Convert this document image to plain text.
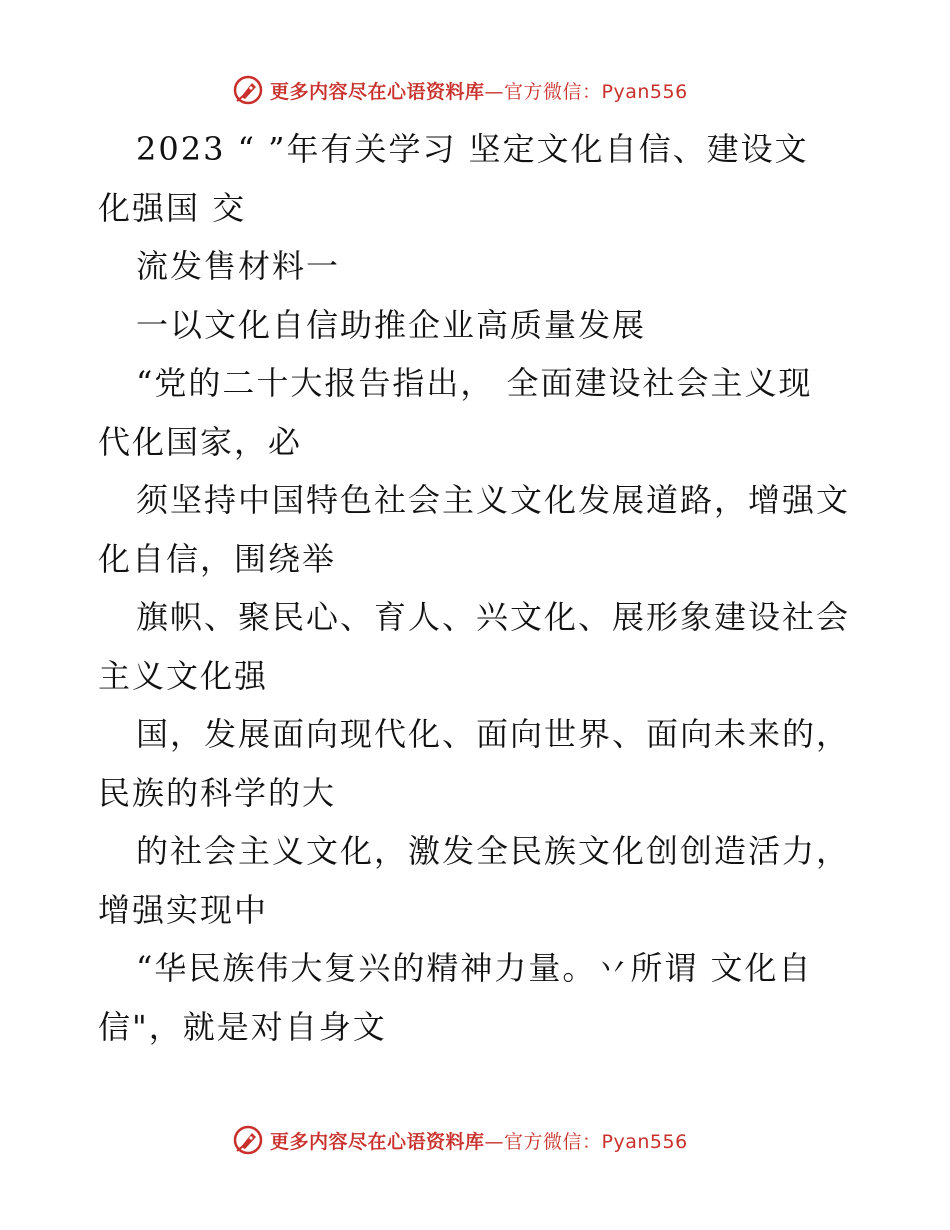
更多内容尽在心语资料库—官方微信：Pyan556
2023 “ ”年有关学习 坚定文化自信、建设文
化强国 交
流发售材料一
一以文化自信助推企业高质量发展
“党的二十大报告指出， 全面建设社会主义现
代化国家，必
须坚持中国特色社会主义文化发展道路，增强文
化自信，围绕举
旗帜、聚民心、育人、兴文化、展形象建设社会
主义文化强
国，发展面向现代化、面向世界、面向未来的，
民族的科学的大
的社会主义文化，激发全民族文化创创造活力，
增强实现中
“华民族伟大复兴的精神力量。丷所谓 文化自
信"，就是对自身文
更多内容尽在心语资料库—官方微信：Pyan556
